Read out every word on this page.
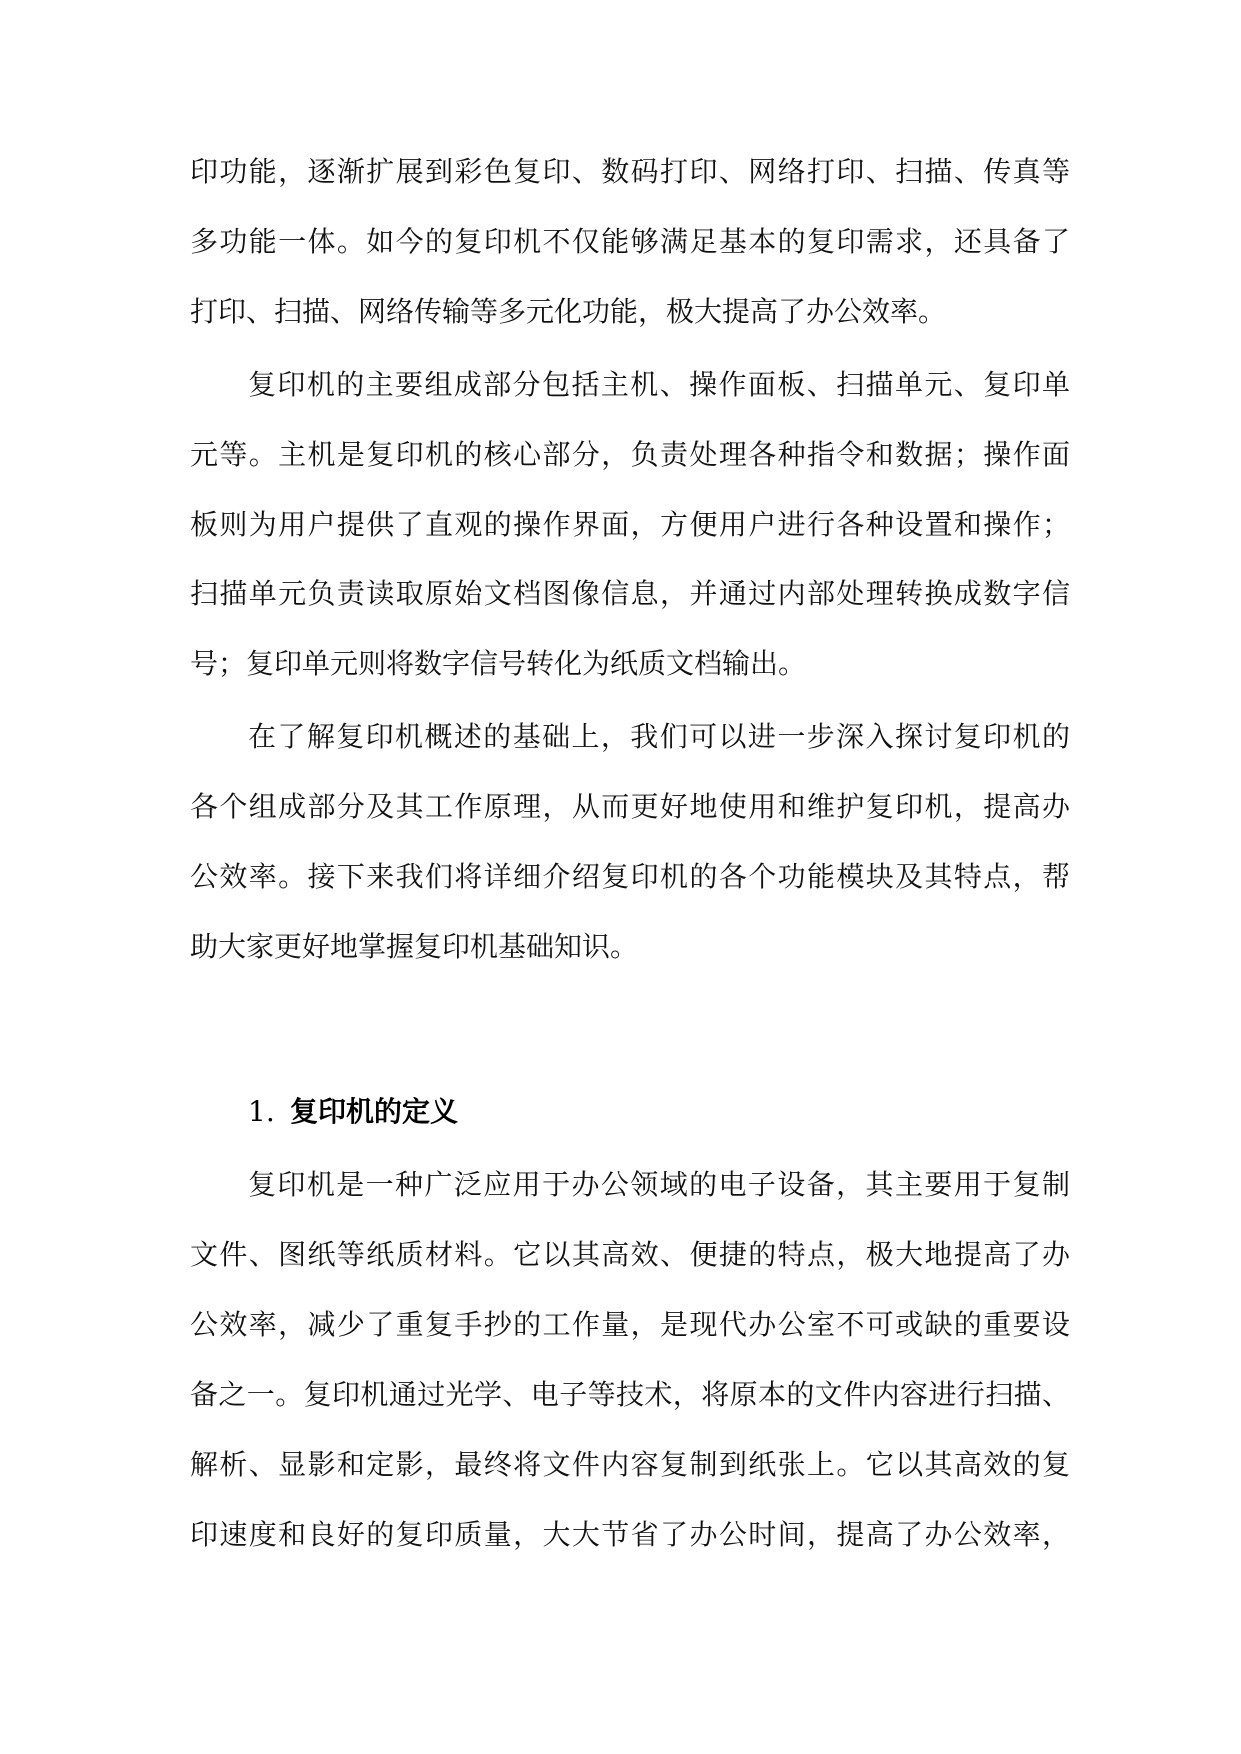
印功能，逐渐扩展到彩色复印、数码打印、网络打印、扫描、传真等
多功能一体。如今的复印机不仅能够满足基本的复印需求，还具备了
打印、扫描、网络传输等多元化功能，极大提高了办公效率。
复印机的主要组成部分包括主机、操作面板、扫描单元、复印单
元等。主机是复印机的核心部分，负责处理各种指令和数据；操作面
板则为用户提供了直观的操作界面，方便用户进行各种设置和操作；
扫描单元负责读取原始文档图像信息，并通过内部处理转换成数字信
号；复印单元则将数字信号转化为纸质文档输出。
在了解复印机概述的基础上，我们可以进一步深入探讨复印机的
各个组成部分及其工作原理，从而更好地使用和维护复印机，提高办
公效率。接下来我们将详细介绍复印机的各个功能模块及其特点，帮
助大家更好地掌握复印机基础知识。
1. 复印机的定义
复印机是一种广泛应用于办公领域的电子设备，其主要用于复制
文件、图纸等纸质材料。它以其高效、便捷的特点，极大地提高了办
公效率，减少了重复手抄的工作量，是现代办公室不可或缺的重要设
备之一。复印机通过光学、电子等技术，将原本的文件内容进行扫描、
解析、显影和定影，最终将文件内容复制到纸张上。它以其高效的复
印速度和良好的复印质量，大大节省了办公时间，提高了办公效率，
